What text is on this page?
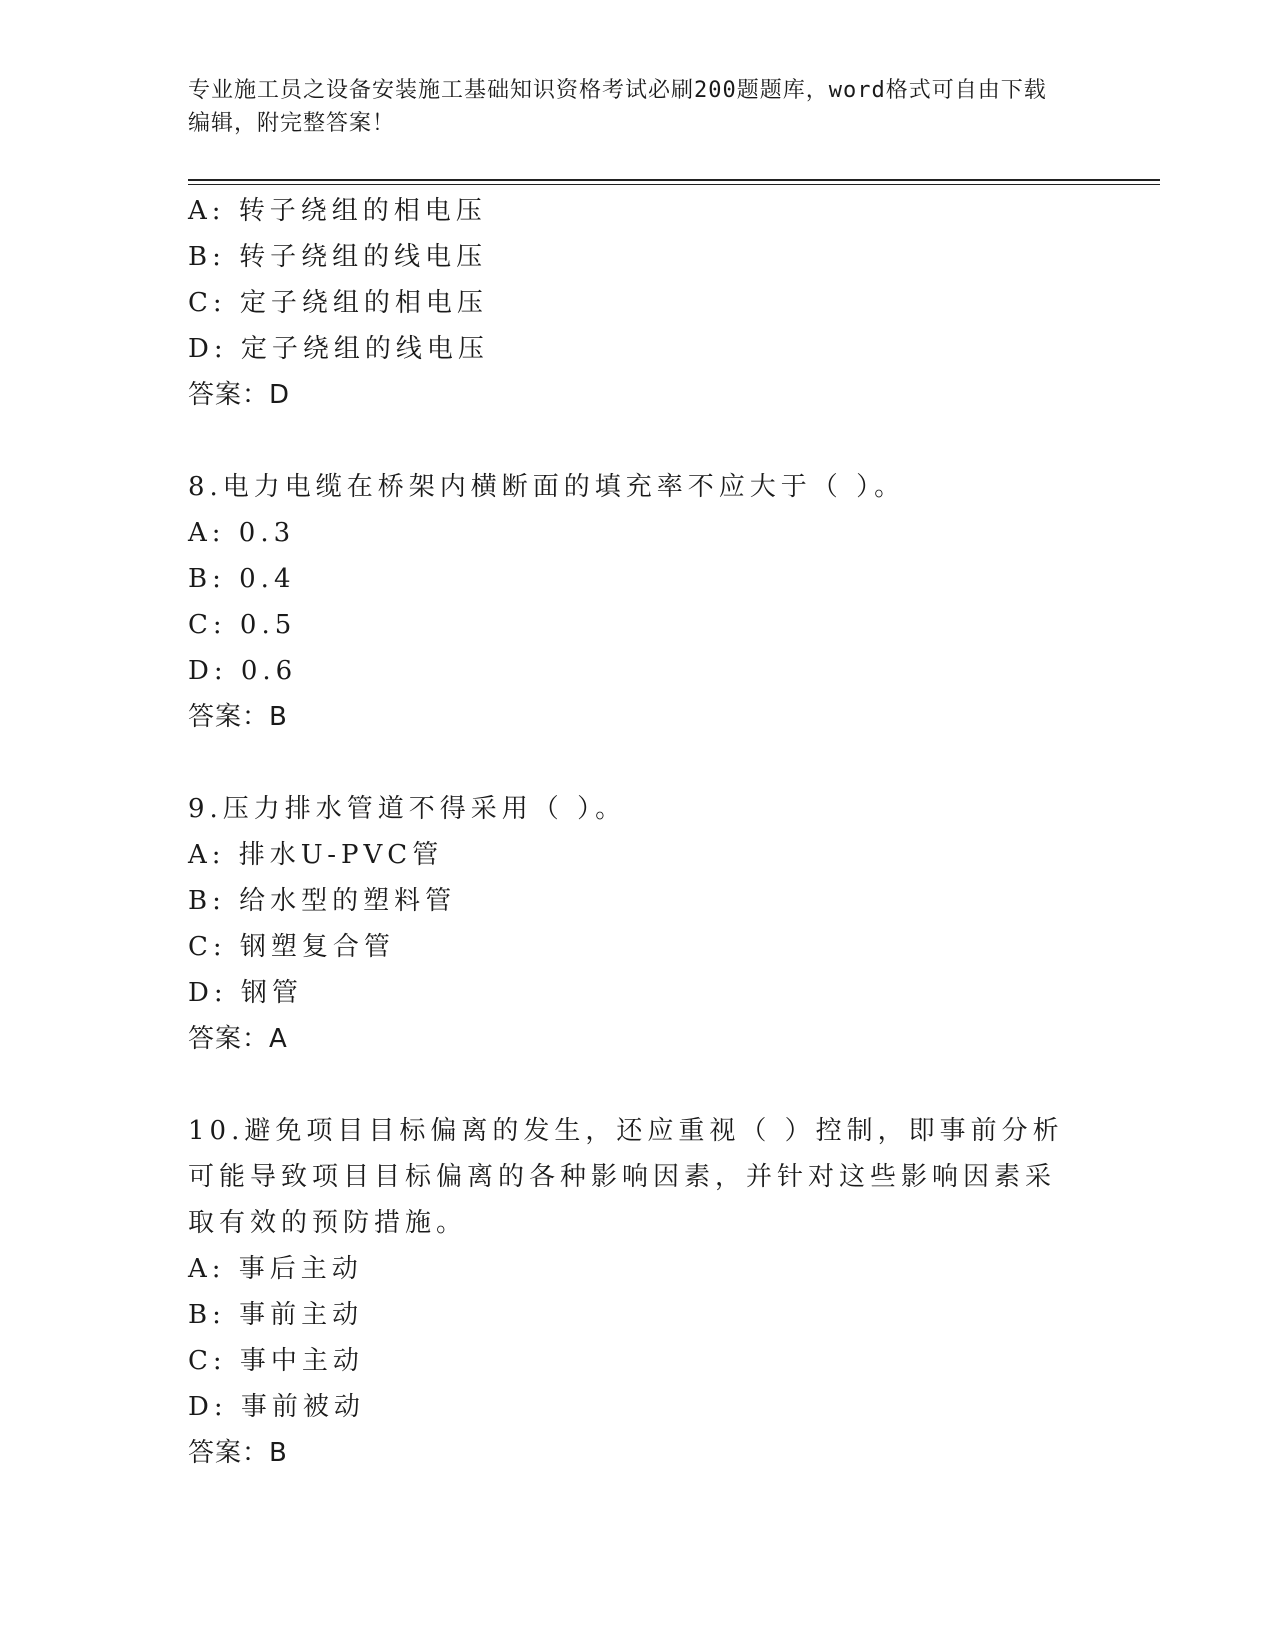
专业施工员之设备安装施工基础知识资格考试必刷200题题库，word格式可自由下载编辑，附完整答案！
A: 转子绕组的相电压
B: 转子绕组的线电压
C: 定子绕组的相电压
D: 定子绕组的线电压
答案：D
8.电力电缆在桥架内横断面的填充率不应大于（ ）。
A: 0.3
B: 0.4
C: 0.5
D: 0.6
答案：B
9.压力排水管道不得采用（ ）。
A: 排水U-PVC管
B: 给水型的塑料管
C: 钢塑复合管
D: 钢管
答案：A
10.避免项目目标偏离的发生，还应重视（ ）控制，即事前分析可能导致项目目标偏离的各种影响因素，并针对这些影响因素采取有效的预防措施。
A: 事后主动
B: 事前主动
C: 事中主动
D: 事前被动
答案：B
